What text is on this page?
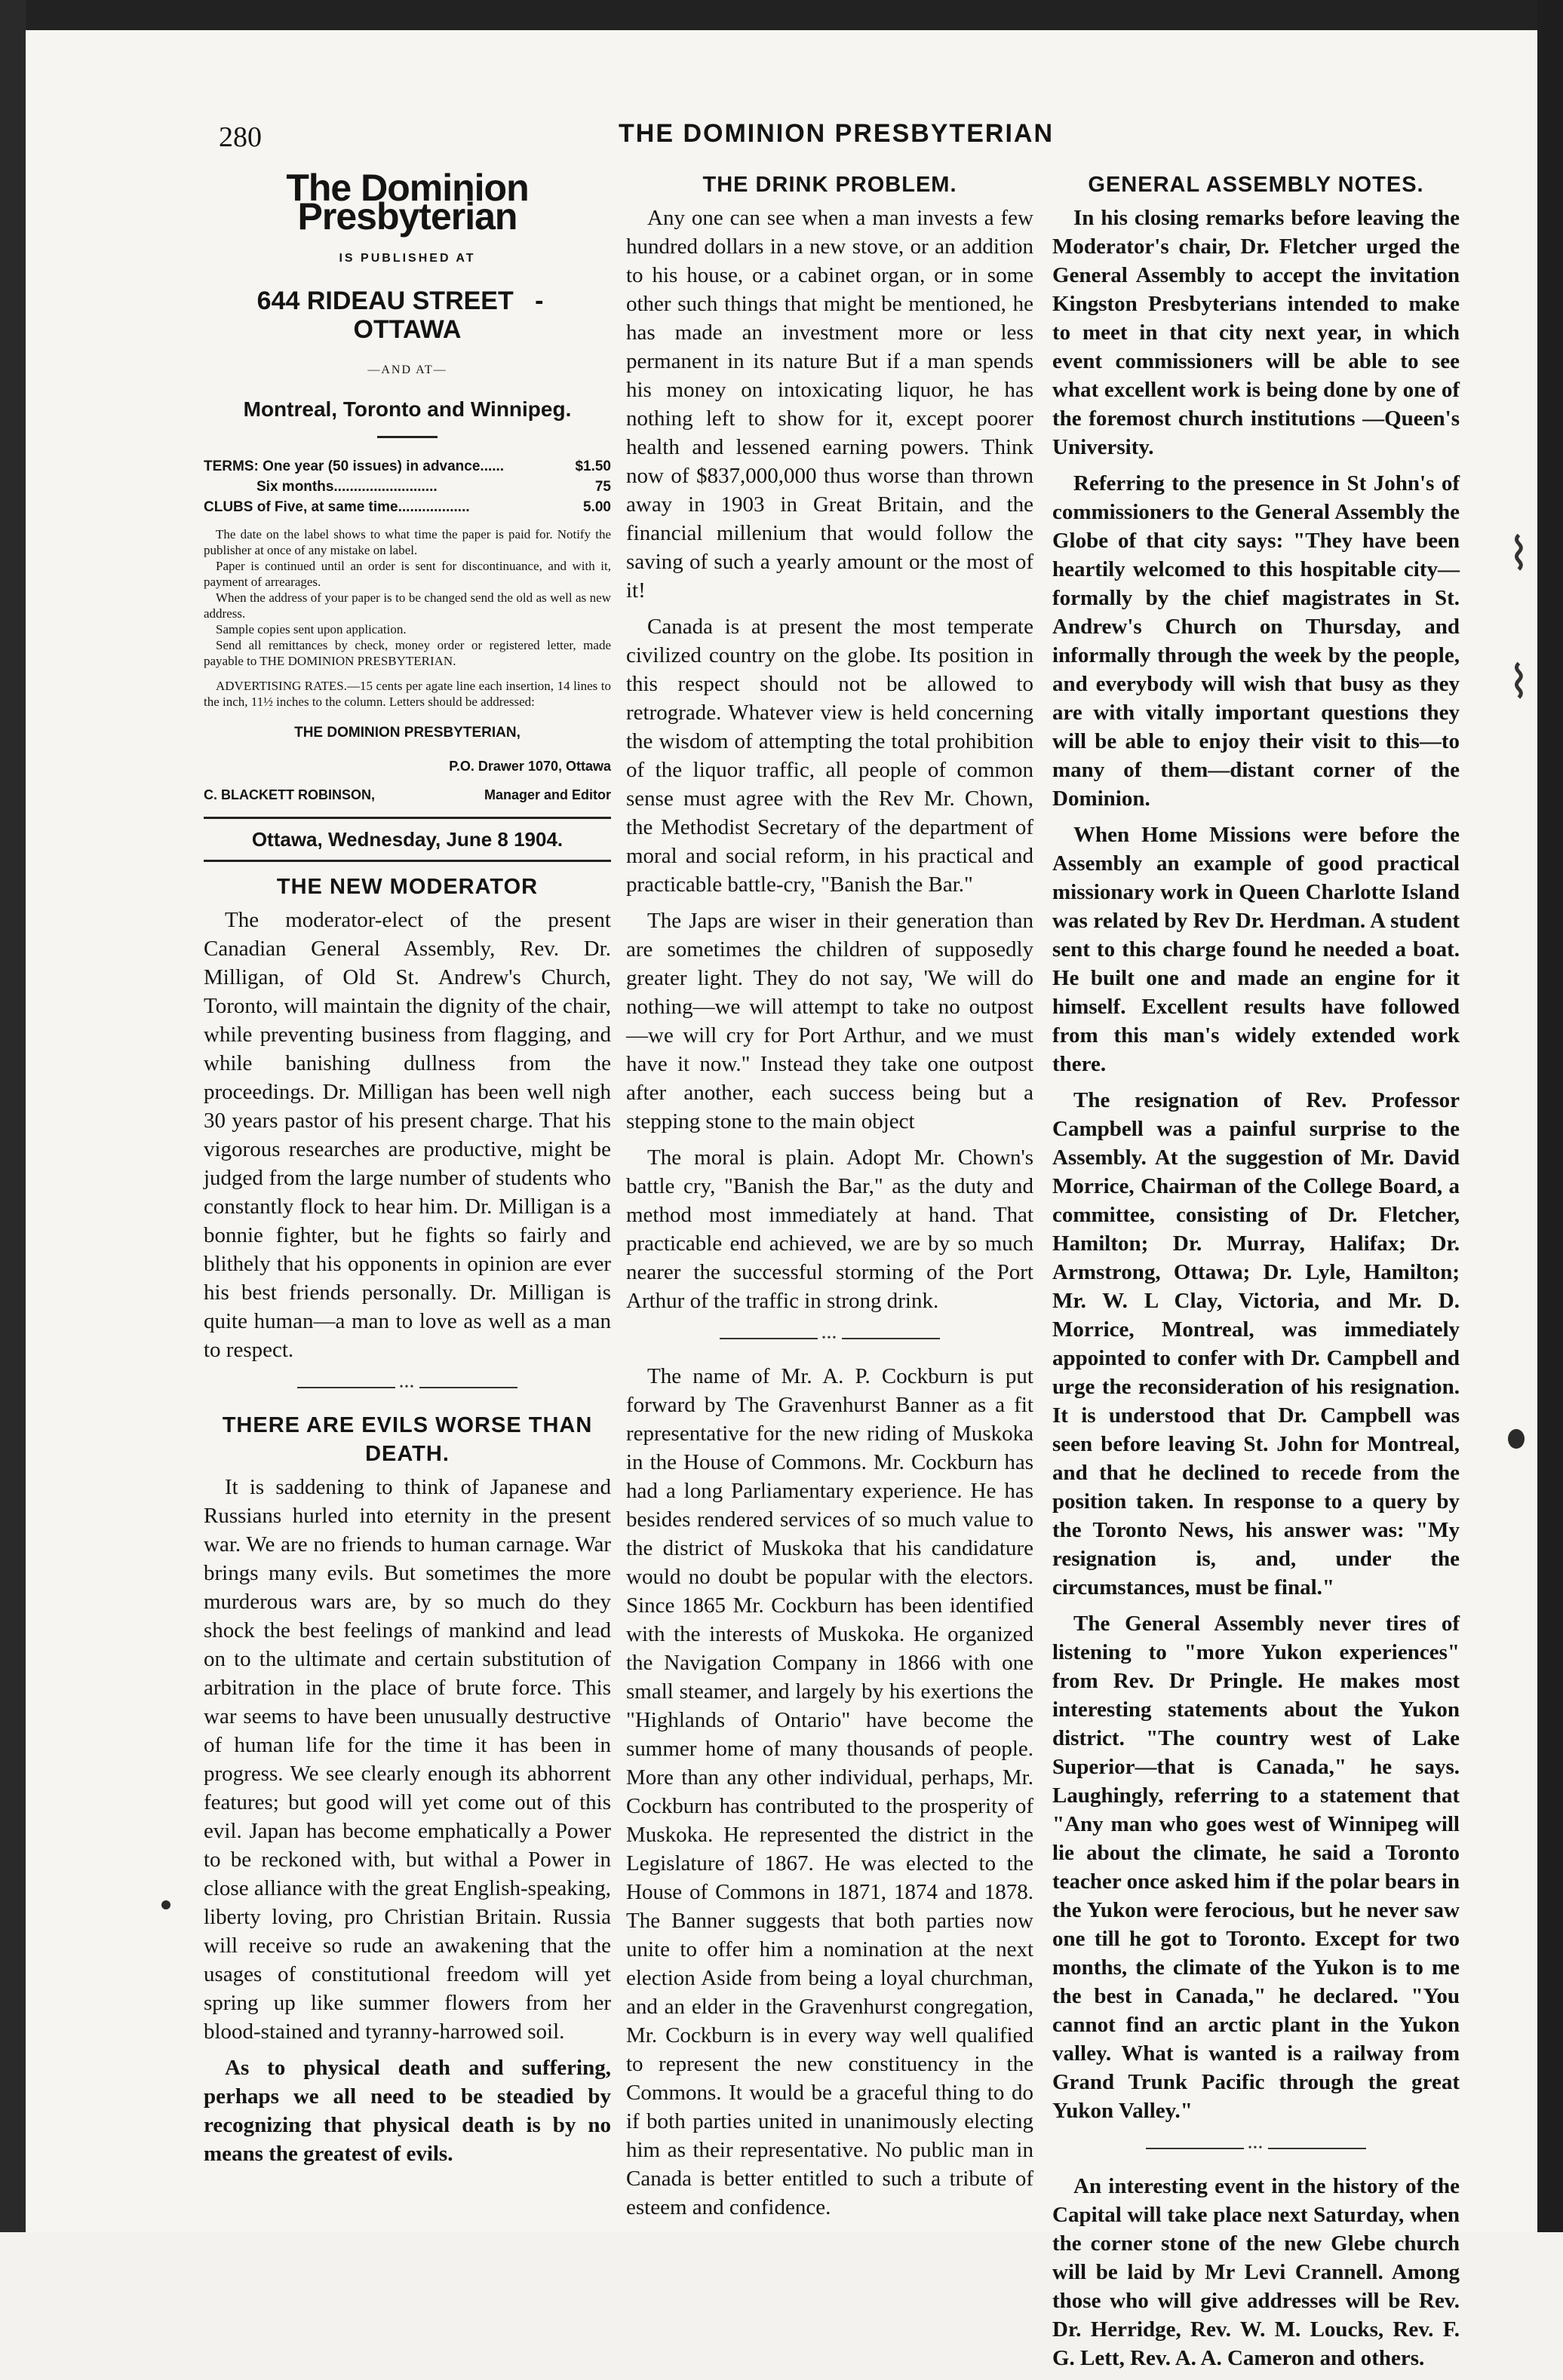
⌇
⌇
280	THE DOMINION PRESBYTERIAN
The Dominion Presbyterian
IS PUBLISHED AT
644 RIDEAU STREET   -   OTTAWA
—AND AT—
Montreal, Toronto and Winnipeg.
TERMS: One year (50 issues) in advance......	$1.50
Six months..........................	75
CLUBS of Five, at same time..................	5.00
The date on the label shows to what time the paper is paid for. Notify the publisher at once of any mistake on label.
Paper is continued until an order is sent for discontinuance, and with it, payment of arrearages.
When the address of your paper is to be changed send the old as well as new address.
Sample copies sent upon application.
Send all remittances by check, money order or registered letter, made payable to THE DOMINION PRESBYTERIAN.
ADVERTISING RATES.—15 cents per agate line each insertion, 14 lines to the inch, 11½ inches to the column. Letters should be addressed:
THE DOMINION PRESBYTERIAN,
P.O. Drawer 1070, Ottawa
C. BLACKETT ROBINSON,	Manager and Editor
Ottawa, Wednesday, June 8 1904.
THE NEW MODERATOR

The moderator-elect of the present Canadian General Assembly, Rev. Dr. Milligan, of Old St. Andrew's Church, Toronto, will maintain the dignity of the chair, while preventing business from flagging, and while banishing dullness from the proceedings. Dr. Milligan has been well nigh 30 years pastor of his present charge. That his vigorous researches are productive, might be judged from the large number of students who constantly flock to hear him. Dr. Milligan is a bonnie fighter, but he fights so fairly and blithely that his opponents in opinion are ever his best friends personally. Dr. Milligan is quite human—a man to love as well as a man to respect.

•••
THERE ARE EVILS WORSE THAN DEATH.

It is saddening to think of Japanese and Russians hurled into eternity in the present war. We are no friends to human carnage. War brings many evils. But sometimes the more murderous wars are, by so much do they shock the best feelings of mankind and lead on to the ultimate and certain substitution of arbitration in the place of brute force. This war seems to have been unusually destructive of human life for the time it has been in progress. We see clearly enough its abhorrent features; but good will yet come out of this evil. Japan has become emphatically a Power to be reckoned with, but withal a Power in close alliance with the great English-speaking, liberty loving, pro Christian Britain. Russia will receive so rude an awakening that the usages of constitutional freedom will yet spring up like summer flowers from her blood-stained and tyranny-harrowed soil.

As to physical death and suffering, perhaps we all need to be steadied by recognizing that physical death is by no means the greatest of evils.

THE DRINK PROBLEM.

Any one can see when a man invests a few hundred dollars in a new stove, or an addition to his house, or a cabinet organ, or in some other such things that might be mentioned, he has made an investment more or less permanent in its nature But if a man spends his money on intoxicating liquor, he has nothing left to show for it, except poorer health and lessened earning powers. Think now of $837,000,000 thus worse than thrown away in 1903 in Great Britain, and the financial millenium that would follow the saving of such a yearly amount or the most of it!

Canada is at present the most temperate civilized country on the globe. Its position in this respect should not be allowed to retrograde. Whatever view is held concerning the wisdom of attempting the total prohibition of the liquor traffic, all people of common sense must agree with the Rev Mr. Chown, the Methodist Secretary of the department of moral and social reform, in his practical and practicable battle-cry, "Banish the Bar."

The Japs are wiser in their generation than are sometimes the children of supposedly greater light. They do not say, 'We will do nothing—we will attempt to take no outpost—we will cry for Port Arthur, and we must have it now." Instead they take one outpost after another, each success being but a stepping stone to the main object

The moral is plain. Adopt Mr. Chown's battle cry, "Banish the Bar," as the duty and method most immediately at hand. That practicable end achieved, we are by so much nearer the successful storming of the Port Arthur of the traffic in strong drink.

•••

The name of Mr. A. P. Cockburn is put forward by The Gravenhurst Banner as a fit representative for the new riding of Muskoka in the House of Commons. Mr. Cockburn has had a long Parliamentary experience. He has besides rendered services of so much value to the district of Muskoka that his candidature would no doubt be popular with the electors. Since 1865 Mr. Cockburn has been identified with the interests of Muskoka. He organized the Navigation Company in 1866 with one small steamer, and largely by his exertions the "Highlands of Ontario" have become the summer home of many thousands of people. More than any other individual, perhaps, Mr. Cockburn has contributed to the prosperity of Muskoka. He represented the district in the Legislature of 1867. He was elected to the House of Commons in 1871, 1874 and 1878. The Banner suggests that both parties now unite to offer him a nomination at the next election Aside from being a loyal churchman, and an elder in the Gravenhurst congregation, Mr. Cockburn is in every way well qualified to represent the new constituency in the Commons. It would be a graceful thing to do if both parties united in unanimously electing him as their representative. No public man in Canada is better entitled to such a tribute of esteem and confidence.

GENERAL ASSEMBLY NOTES.

In his closing remarks before leaving the Moderator's chair, Dr. Fletcher urged the General Assembly to accept the invitation Kingston Presbyterians intended to make to meet in that city next year, in which event commissioners will be able to see what excellent work is being done by one of the foremost church institutions —Queen's University.

Referring to the presence in St John's of commissioners to the General Assembly the Globe of that city says: "They have been heartily welcomed to this hospitable city—formally by the chief magistrates in St. Andrew's Church on Thursday, and informally through the week by the people, and everybody will wish that busy as they are with vitally important questions they will be able to enjoy their visit to this—to many of them—distant corner of the Dominion.

When Home Missions were before the Assembly an example of good practical missionary work in Queen Charlotte Island was related by Rev Dr. Herdman. A student sent to this charge found he needed a boat. He built one and made an engine for it himself. Excellent results have followed from this man's widely extended work there.

The resignation of Rev. Professor Campbell was a painful surprise to the Assembly. At the suggestion of Mr. David Morrice, Chairman of the College Board, a committee, consisting of Dr. Fletcher, Hamilton; Dr. Murray, Halifax; Dr. Armstrong, Ottawa; Dr. Lyle, Hamilton; Mr. W. L Clay, Victoria, and Mr. D. Morrice, Montreal, was immediately appointed to confer with Dr. Campbell and urge the reconsideration of his resignation. It is understood that Dr. Campbell was seen before leaving St. John for Montreal, and that he declined to recede from the position taken. In response to a query by the Toronto News, his answer was: "My resignation is, and, under the circumstances, must be final."

The General Assembly never tires of listening to "more Yukon experiences" from Rev. Dr Pringle. He makes most interesting statements about the Yukon district. "The country west of Lake Superior—that is Canada," he says. Laughingly, referring to a statement that "Any man who goes west of Winnipeg will lie about the climate, he said a Toronto teacher once asked him if the polar bears in the Yukon were ferocious, but he never saw one till he got to Toronto. Except for two months, the climate of the Yukon is to me the best in Canada," he declared. "You cannot find an arctic plant in the Yukon valley. What is wanted is a railway from Grand Trunk Pacific through the great Yukon Valley."

•••

An interesting event in the history of the Capital will take place next Saturday, when the corner stone of the new Glebe church will be laid by Mr Levi Crannell. Among those who will give addresses will be Rev. Dr. Herridge, Rev. W. M. Loucks, Rev. F. G. Lett, Rev. A. A. Cameron and others.
